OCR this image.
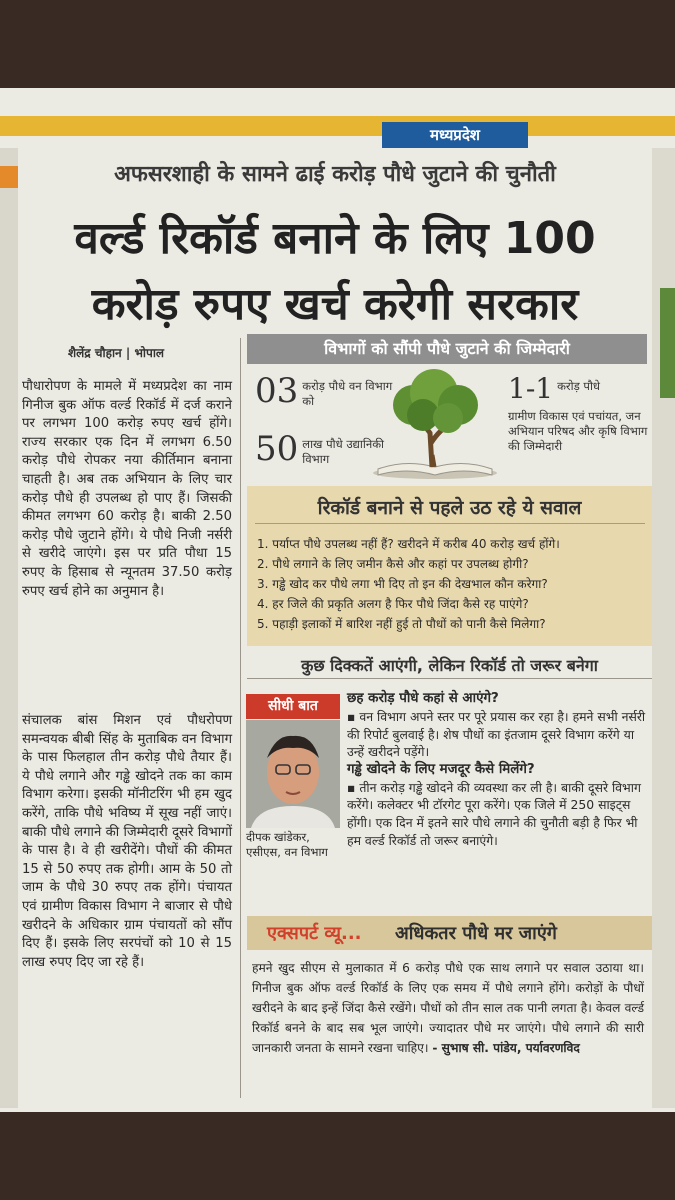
मध्यप्रदेश
अफसरशाही के सामने ढाई करोड़ पौधे जुटाने की चुनौती
वर्ल्ड रिकॉर्ड बनाने के लिए 100
करोड़ रुपए खर्च करेगी सरकार
शैलेंद्र चौहान | भोपाल
पौधारोपण के मामले में मध्यप्रदेश का नाम गिनीज बुक ऑफ वर्ल्ड रिकॉर्ड में दर्ज कराने पर लगभग 100 करोड़ रुपए खर्च होंगे। राज्य सरकार एक दिन में लगभग 6.50 करोड़ पौधे रोपकर नया कीर्तिमान बनाना चाहती है। अब तक अभियान के लिए चार करोड़ पौधे ही उपलब्ध हो पाए हैं। जिसकी कीमत लगभग 60 करोड़ है। बाकी 2.50 करोड़ पौधे जुटाने होंगे। ये पौधे निजी नर्सरी से खरीदे जाएंगे। इस पर प्रति पौधा 15 रुपए के हिसाब से न्यूनतम 37.50 करोड़ रुपए खर्च होने का अनुमान है।
संचालक बांस मिशन एवं पौधरोपण समन्वयक बीबी सिंह के मुताबिक वन विभाग के पास फिलहाल तीन करोड़ पौधे तैयार हैं। ये पौधे लगाने और गड्ढे खोदने तक का काम विभाग करेगा। इसकी मॉनीटरिंग भी हम खुद करेंगे, ताकि पौधे भविष्य में सूख नहीं जाएं। बाकी पौधे लगाने की जिम्मेदारी दूसरे विभागों के पास है। वे ही खरीदेंगे। पौधों की कीमत 15 से 50 रुपए तक होगी। आम के 50 तो जाम के पौधे 30 रुपए तक होंगे। पंचायत एवं ग्रामीण विकास विभाग ने बाजार से पौधे खरीदने के अधिकार ग्राम पंचायतों को सौंप दिए हैं। इसके लिए सरपंचों को 10 से 15 लाख रुपए दिए जा रहे हैं।
विभागों को सौंपी पौधे जुटाने की जिम्मेदारी
03 करोड़ पौधे वन विभाग को
50 लाख पौधे उद्यानिकी विभाग
1-1 करोड़ पौधे
ग्रामीण विकास एवं पचांयत, जन अभियान परिषद और कृषि विभाग की जिम्मेदारी
रिकॉर्ड बनाने से पहले उठ रहे ये सवाल
1. पर्याप्त पौधे उपलब्ध नहीं हैं? खरीदने में करीब 40 करोड़ खर्च होंगे।
2. पौधे लगाने के लिए जमीन कैसे और कहां पर उपलब्ध होगी?
3. गड्ढे खोद कर पौधे लगा भी दिए तो इन की देखभाल कौन करेगा?
4. हर जिले की प्रकृति अलग है फिर पौधे जिंदा कैसे रह पाएंगे?
5. पहाड़ी इलाकों में बारिश नहीं हुई तो पौधों को पानी कैसे मिलेगा?
कुछ दिक्कतें आएंगी, लेकिन रिकॉर्ड तो जरूर बनेगा
सीधी बात
दीपक खांडेकर, एसीएस, वन विभाग
छह करोड़ पौधे कहां से आएंगे?
▪ वन विभाग अपने स्तर पर पूरे प्रयास कर रहा है। हमने सभी नर्सरी की रिपोर्ट बुलवाई है। शेष पौधों का इंतजाम दूसरे विभाग करेंगे या उन्हें खरीदने पड़ेंगे।
गड्ढे खोदने के लिए मजदूर कैसे मिलेंगे?
▪ तीन करोड़ गड्ढे खोदने की व्यवस्था कर ली है। बाकी दूसरे विभाग करेंगे। कलेक्टर भी टॉरगेट पूरा करेंगे। एक जिले में 250 साइट्स होंगी। एक दिन में इतने सारे पौधे लगाने की चुनौती बड़ी है फिर भी हम वर्ल्ड रिकॉर्ड तो जरूर बनाएंगे।
एक्सपर्ट व्यू... अधिकतर पौधे मर जाएंगे
हमने खुद सीएम से मुलाकात में 6 करोड़ पौधे एक साथ लगाने पर सवाल उठाया था। गिनीज बुक ऑफ वर्ल्ड रिकॉर्ड के लिए एक समय में पौधे लगाने होंगे। करोड़ों के पौधों खरीदने के बाद इन्हें जिंदा कैसे रखेंगे। पौधों को तीन साल तक पानी लगता है। केवल वर्ल्ड रिकॉर्ड बनने के बाद सब भूल जाएंगे। ज्यादातर पौधे मर जाएंगे। पौधे लगाने की सारी जानकारी जनता के सामने रखना चाहिए। - सुभाष सी. पांडेय, पर्यावरणविद
